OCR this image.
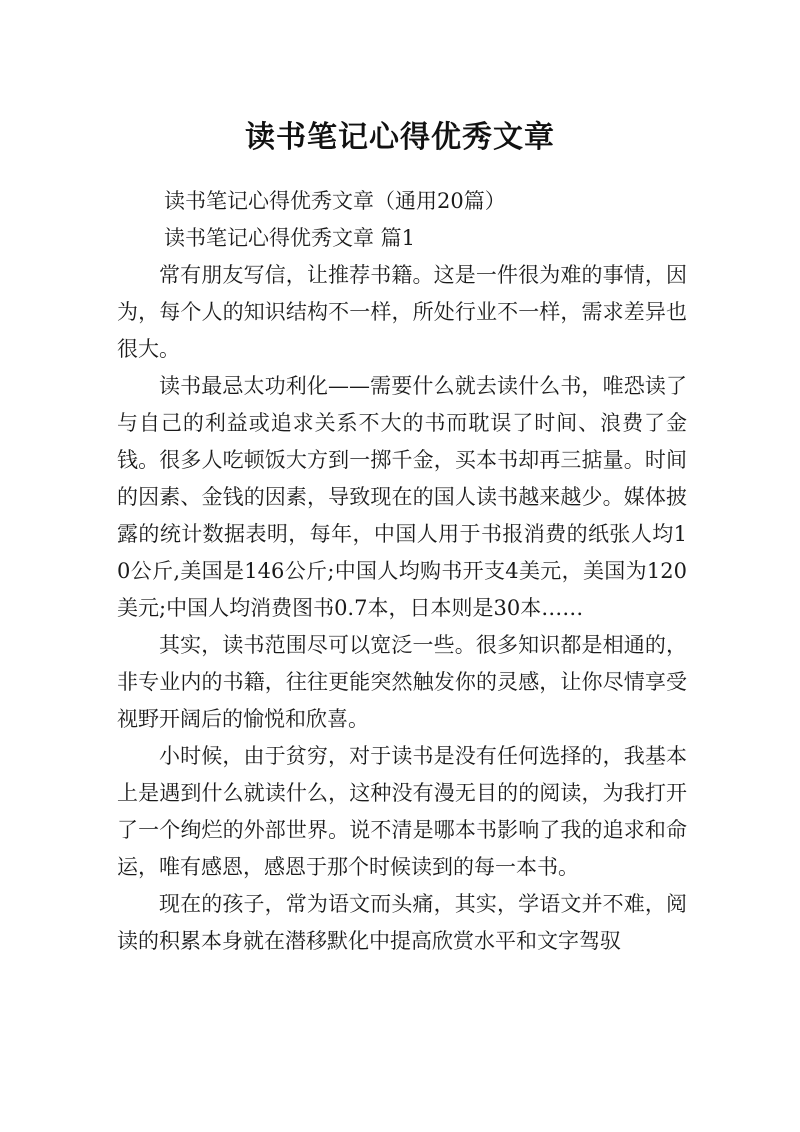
读书笔记心得优秀文章

读书笔记心得优秀文章（通用20篇）

读书笔记心得优秀文章 篇1

常有朋友写信，让推荐书籍。这是一件很为难的事情，因为，每个人的知识结构不一样，所处行业不一样，需求差异也很大。

读书最忌太功利化——需要什么就去读什么书，唯恐读了与自己的利益或追求关系不大的书而耽误了时间、浪费了金钱。很多人吃顿饭大方到一掷千金，买本书却再三掂量。时间的因素、金钱的因素，导致现在的国人读书越来越少。媒体披露的统计数据表明，每年，中国人用于书报消费的纸张人均10公斤,美国是146公斤;中国人均购书开支4美元，美国为120美元;中国人均消费图书0.7本，日本则是30本……

其实，读书范围尽可以宽泛一些。很多知识都是相通的，非专业内的书籍，往往更能突然触发你的灵感，让你尽情享受视野开阔后的愉悦和欣喜。

小时候，由于贫穷，对于读书是没有任何选择的，我基本上是遇到什么就读什么，这种没有漫无目的的阅读，为我打开了一个绚烂的外部世界。说不清是哪本书影响了我的追求和命运，唯有感恩，感恩于那个时候读到的每一本书。

现在的孩子，常为语文而头痛，其实，学语文并不难，阅读的积累本身就在潜移默化中提高欣赏水平和文字驾驭
